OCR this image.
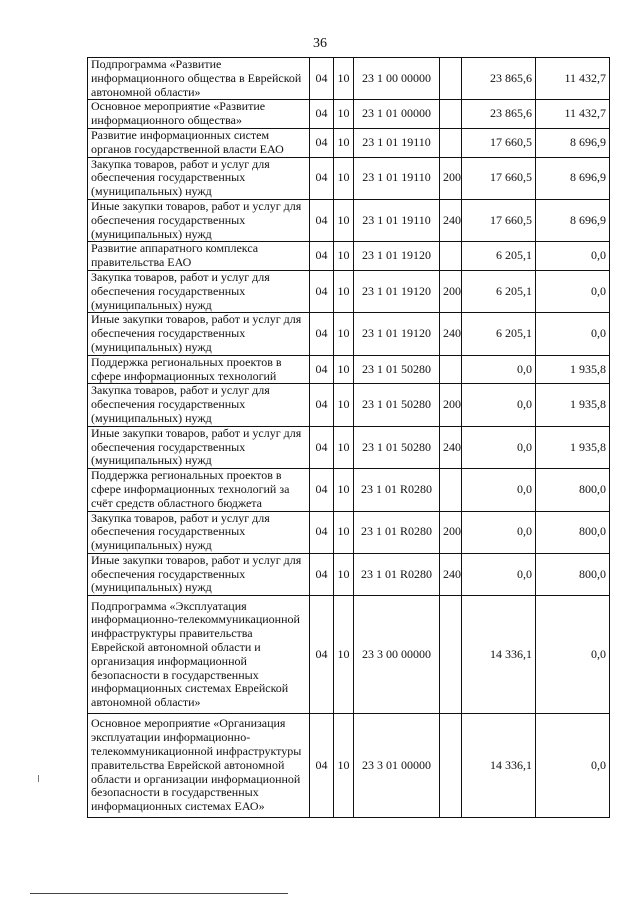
36
Подпрограмма «Развитие информационного общества в Еврейской автономной области»	04	10	23 1 00 00000		23 865,6	11 432,7
Основное мероприятие «Развитие информационного общества»	04	10	23 1 01 00000		23 865,6	11 432,7
Развитие информационных систем органов государственной власти ЕАО	04	10	23 1 01 19110		17 660,5	8 696,9
Закупка товаров, работ и услуг для обеспечения государственных (муниципальных) нужд	04	10	23 1 01 19110	200	17 660,5	8 696,9
Иные закупки товаров, работ и услуг для обеспечения государственных (муниципальных) нужд	04	10	23 1 01 19110	240	17 660,5	8 696,9
Развитие аппаратного комплекса правительства ЕАО	04	10	23 1 01 19120		6 205,1	0,0
Закупка товаров, работ и услуг для обеспечения государственных (муниципальных) нужд	04	10	23 1 01 19120	200	6 205,1	0,0
Иные закупки товаров, работ и услуг для обеспечения государственных (муниципальных) нужд	04	10	23 1 01 19120	240	6 205,1	0,0
Поддержка региональных проектов в сфере информационных технологий	04	10	23 1 01 50280		0,0	1 935,8
Закупка товаров, работ и услуг для обеспечения государственных (муниципальных) нужд	04	10	23 1 01 50280	200	0,0	1 935,8
Иные закупки товаров, работ и услуг для обеспечения государственных (муниципальных) нужд	04	10	23 1 01 50280	240	0,0	1 935,8
Поддержка региональных проектов в сфере информационных технологий за счёт средств областного бюджета	04	10	23 1 01 R0280		0,0	800,0
Закупка товаров, работ и услуг для обеспечения государственных (муниципальных) нужд	04	10	23 1 01 R0280	200	0,0	800,0
Иные закупки товаров, работ и услуг для обеспечения государственных (муниципальных) нужд	04	10	23 1 01 R0280	240	0,0	800,0
Подпрограмма «Эксплуатация информационно-телекоммуникационной инфраструктуры правительства Еврейской автономной области и организация информационной безопасности в государственных информационных системах Еврейской автономной области»	04	10	23 3 00 00000		14 336,1	0,0
Основное мероприятие «Организация эксплуатации информационно-телекоммуникационной инфраструктуры правительства Еврейской автономной области и организации информационной безопасности в государственных информационных системах ЕАО»	04	10	23 3 01 00000		14 336,1	0,0
